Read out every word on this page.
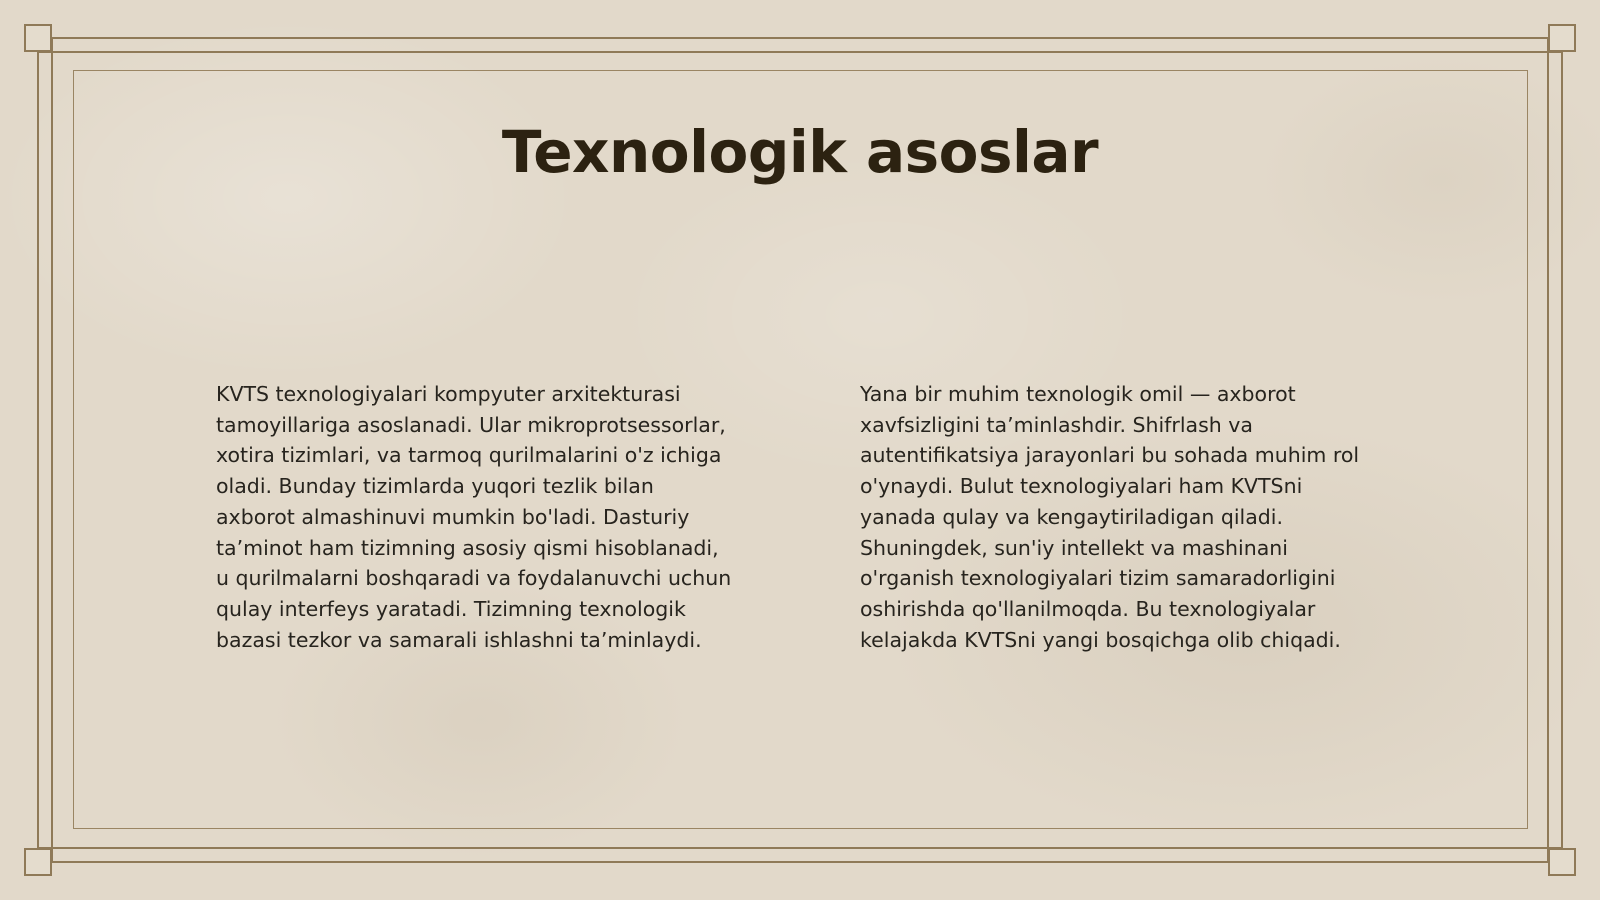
Texnologik asoslar

KVTS texnologiyalari kompyuter arxitekturasi
tamoyillariga asoslanadi. Ular mikroprotsessorlar,
xotira tizimlari, va tarmoq qurilmalarini o'z ichiga
oladi. Bunday tizimlarda yuqori tezlik bilan
axborot almashinuvi mumkin bo'ladi. Dasturiy
ta’minot ham tizimning asosiy qismi hisoblanadi,
u qurilmalarni boshqaradi va foydalanuvchi uchun
qulay interfeys yaratadi. Tizimning texnologik
bazasi tezkor va samarali ishlashni ta’minlaydi.

Yana bir muhim texnologik omil — axborot
xavfsizligini ta’minlashdir. Shifrlash va
autentifikatsiya jarayonlari bu sohada muhim rol
o'ynaydi. Bulut texnologiyalari ham KVTSni
yanada qulay va kengaytiriladigan qiladi.
Shuningdek, sun'iy intellekt va mashinani
o'rganish texnologiyalari tizim samaradorligini
oshirishda qo'llanilmoqda. Bu texnologiyalar
kelajakda KVTSni yangi bosqichga olib chiqadi.
